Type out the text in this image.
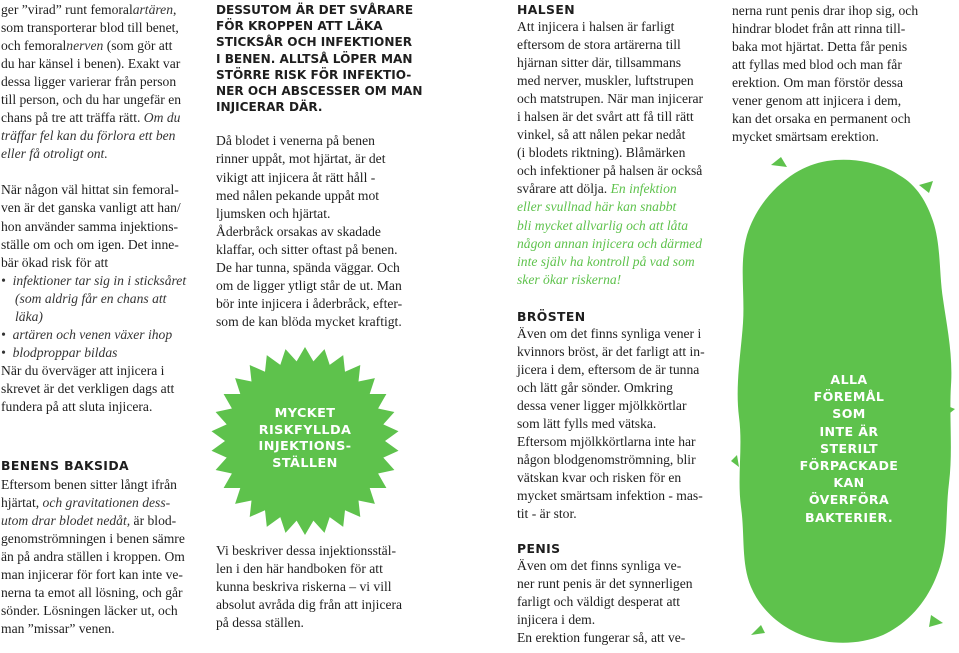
ger ”virad” runt femoralartären,
som transporterar blod till benet,
och femoralnerven (som gör att
du har känsel i benen). Exakt var
dessa ligger varierar från person
till person, och du har ungefär en
chans på tre att träffa rätt. Om du
träffar fel kan du förlora ett ben
eller få otroligt ont.

När någon väl hittat sin femoral-
ven är det ganska vanligt att han/
hon använder samma injektions-
ställe om och om igen. Det inne-
bär ökad risk för att

•  infektioner tar sig in i sticksåret

(som aldrig får en chans att
läka)

•  artären och venen växer ihop

•  blodproppar bildas

När du överväger att injicera i
skrevet är det verkligen dags att
fundera på att sluta injicera.

BENENS BAKSIDA

Eftersom benen sitter långt ifrån
hjärtat, och gravitationen dess-
utom drar blodet nedåt, är blod-
genomströmningen i benen sämre
än på andra ställen i kroppen. Om
man injicerar för fort kan inte ve-
nerna ta emot all lösning, och går
sönder. Lösningen läcker ut, och
man ”missar” venen.

DESSUTOM ÄR DET SVÅRARE
FÖR KROPPEN ATT LÄKA
STICKSÅR OCH INFEKTIONER
I BENEN. ALLTSÅ LÖPER MAN
STÖRRE RISK FÖR INFEKTIO-
NER OCH ABSCESSER OM MAN
INJICERAR DÄR.

Då blodet i venerna på benen
rinner uppåt, mot hjärtat, är det
vikigt att injicera åt rätt håll -
med nålen pekande uppåt mot
ljumsken och hjärtat.
Åderbråck orsakas av skadade
klaffar, och sitter oftast på benen.
De har tunna, spända väggar. Och
om de ligger ytligt står de ut. Man
bör inte injicera i åderbråck, efter-
som de kan blöda mycket kraftigt.

MYCKET
RISKFYLLDA
INJEKTIONS-
STÄLLEN

Vi beskriver dessa injektionsstäl-
len i den här handboken för att
kunna beskriva riskerna – vi vill
absolut avråda dig från att injicera
på dessa ställen.

HALSEN

Att injicera i halsen är farligt
eftersom de stora artärerna till
hjärnan sitter där, tillsammans
med nerver, muskler, luftstrupen
och matstrupen. När man injicerar
i halsen är det svårt att få till rätt
vinkel, så att nålen pekar nedåt
(i blodets riktning). Blåmärken
och infektioner på halsen är också
svårare att dölja. En infektion
eller svullnad här kan snabbt
bli mycket allvarlig och att låta
någon annan injicera och därmed
inte själv ha kontroll på vad som
sker ökar riskerna!

BRÖSTEN

Även om det finns synliga vener i
kvinnors bröst, är det farligt att in-
jicera i dem, eftersom de är tunna
och lätt går sönder. Omkring
dessa vener ligger mjölkkörtlar
som lätt fylls med vätska.
Eftersom mjölkkörtlarna inte har
någon blodgenomströmning, blir
vätskan kvar och risken för en
mycket smärtsam infektion - mas-
tit - är stor.

PENIS

Även om det finns synliga ve-
ner runt penis är det synnerligen
farligt och väldigt desperat att
injicera i dem.
En erektion fungerar så, att ve-

nerna runt penis drar ihop sig, och
hindrar blodet från att rinna till-
baka mot hjärtat. Detta får penis
att fyllas med blod och man får
erektion. Om man förstör dessa
vener genom att injicera i dem,
kan det orsaka en permanent och
mycket smärtsam erektion.

ALLA
FÖREMÅL
SOM
INTE ÄR
STERILT
FÖRPACKADE
KAN
ÖVERFÖRA
BAKTERIER.
